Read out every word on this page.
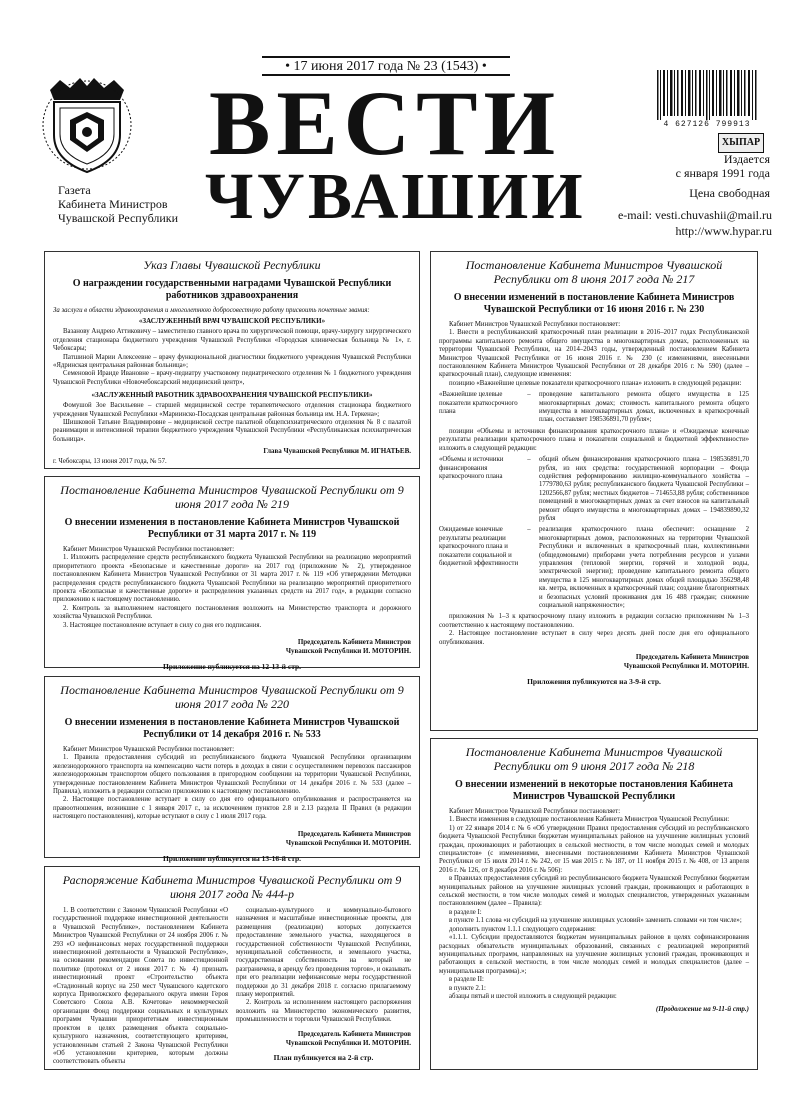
• 17 июня 2017 года № 23 (1543) •
ВЕСТИ
ЧУВАШИИ
Газета
Кабинета Министров
Чувашской Республики
4 627126 799913
ХЫПАР
Издается
с января 1991 года
Цена свободная
e-mail: vesti.chuvashii@mail.ru
http://www.hypar.ru
Указ Главы Чувашской Республики
О награждении государственными наградами Чувашской Республики работников здравоохранения

За заслуги в области здравоохранения и многолетнюю добросовестную работу присвоить почетные звания:

«ЗАСЛУЖЕННЫЙ ВРАЧ ЧУВАШСКОЙ РЕСПУБЛИКИ»

Вазанову Андрею Аттиковичу – заместителю главного врача по хирургической помощи, врачу-хирургу хирургического отделения стационара бюджетного учреждения Чувашской Республики «Городская клиническая больница № 1», г. Чебоксары;

Патшиной Марии Алексеевне – врачу функциональной диагностики бюджетного учреждения Чувашской Республики «Ядринская центральная районная больница»;

Семеновой Ираиде Ивановне – врачу-педиатру участковому педиатрического отделения № 1 бюджетного учреждения Чувашской Республики «Новочебоксарский медицинский центр»,

«ЗАСЛУЖЕННЫЙ РАБОТНИК ЗДРАВООХРАНЕНИЯ ЧУВАШСКОЙ РЕСПУБЛИКИ»

Фомушой Зое Васильевне – старшей медицинской сестре терапевтического отделения стационара бюджетного учреждения Чувашской Республики «Мариинско-Посадская центральная районная больница им. Н.А. Геркена»;

Шишковой Татьяне Владимировне – медицинской сестре палатной общепсихиатрического отделения № 8 с палатой реанимации и интенсивной терапии бюджетного учреждения Чувашской Республики «Республиканская психиатрическая больница».

Глава Чувашской Республики М. ИГНАТЬЕВ.
г. Чебоксары, 13 июня 2017 года, № 57.
Постановление Кабинета Министров Чувашской Республики от 9 июня 2017 года № 219
О внесении изменения в постановление Кабинета Министров Чувашской Республики от 31 марта 2017 г. № 119

Кабинет Министров Чувашской Республики постановляет:

1. Изложить распределение средств республиканского бюджета Чувашской Республики на реализацию мероприятий приоритетного проекта «Безопасные и качественные дороги» на 2017 год (приложение № 2), утвержденное постановлением Кабинета Министров Чувашской Республики от 31 марта 2017 г. № 119 «Об утверждении Методики распределения средств республиканского бюджета Чувашской Республики на реализацию мероприятий приоритетного проекта «Безопасные и качественные дороги» и распределения указанных средств на 2017 год», в редакции согласно приложению к настоящему постановлению.

2. Контроль за выполнением настоящего постановления возложить на Министерство транспорта и дорожного хозяйства Чувашской Республики.

3. Настоящее постановление вступает в силу со дня его подписания.

Председатель Кабинета Министров
Чувашской Республики И. МОТОРИН.
Приложение публикуется на 12-13-й стр.
Постановление Кабинета Министров Чувашской Республики от 9 июня 2017 года № 220
О внесении изменения в постановление Кабинета Министров Чувашской Республики от 14 декабря 2016 г. № 533

Кабинет Министров Чувашской Республики постановляет:

1. Правила предоставления субсидий из республиканского бюджета Чувашской Республики организациям железнодорожного транспорта на компенсацию части потерь в доходах в связи с осуществлением перевозок пассажиров железнодорожным транспортом общего пользования в пригородном сообщении на территории Чувашской Республики, утвержденные постановлением Кабинета Министров Чувашской Республики от 14 декабря 2016 г. № 533 (далее – Правила), изложить в редакции согласно приложению к настоящему постановлению.

2. Настоящее постановление вступает в силу со дня его официального опубликования и распространяется на правоотношения, возникшие с 1 января 2017 г., за исключением пунктов 2.8 и 2.13 раздела II Правил (в редакции настоящего постановления), которые вступают в силу с 1 июля 2017 года.

Председатель Кабинета Министров
Чувашской Республики И. МОТОРИН.
Приложение публикуется на 13-16-й стр.
Распоряжение Кабинета Министров Чувашской Республики от 9 июня 2017 года № 444-р

1. В соответствии с Законом Чувашской Республики «О государственной поддержке инвестиционной деятельности в Чувашской Республике», постановлением Кабинета Министров Чувашской Республики от 24 ноября 2006 г. № 293 «О нефинансовых мерах государственной поддержки инвестиционной деятельности в Чувашской Республике», на основании рекомендации Совета по инвестиционной политике (протокол от 2 июня 2017 г. № 4) признать инвестиционный проект «Строительство объекта «Стадионный корпус на 250 мест Чувашского кадетского корпуса Приволжского федерального округа имени Героя Советского Союза А.В. Кочетова» некоммерческой организации Фонд поддержки социальных и культурных программ Чувашии приоритетным инвестиционным проектом в целях размещения объекта социально-культурного назначения, соответствующего критериям, установленным статьей 2 Закона Чувашской Республики «Об установлении критериев, которым должны соответствовать объекты

социально-культурного и коммунально-бытового назначения и масштабные инвестиционные проекты, для размещения (реализации) которых допускается предоставление земельного участка, находящегося в государственной собственности Чувашской Республики, муниципальной собственности, и земельного участка, государственная собственность на который не разграничена, в аренду без проведения торгов», и оказывать при его реализации нефинансовые меры государственной поддержки до 31 декабря 2018 г. согласно прилагаемому плану мероприятий.

2. Контроль за исполнением настоящего распоряжения возложить на Министерство экономического развития, промышленности и торговли Чувашской Республики.

Председатель Кабинета Министров
Чувашской Республики И. МОТОРИН.
План публикуется на 2-й стр.
Постановление Кабинета Министров Чувашской Республики от 8 июня 2017 года № 217
О внесении изменений в постановление Кабинета Министров Чувашской Республики от 16 июня 2016 г. № 230

Кабинет Министров Чувашской Республики постановляет:

1. Внести в республиканский краткосрочный план реализации в 2016–2017 годах Республиканской программы капитального ремонта общего имущества в многоквартирных домах, расположенных на территории Чувашской Республики, на 2014–2043 годы, утвержденный постановлением Кабинета Министров Чувашской Республики от 16 июня 2016 г. № 230 (с изменениями, внесенными постановлением Кабинета Министров Чувашской Республики от 28 декабря 2016 г. № 590) (далее – краткосрочный план), следующие изменения:

позицию «Важнейшие целевые показатели краткосрочного плана» изложить в следующей редакции:

«Важнейшие целевые показатели краткосрочного плана
–	проведение капитального ремонта общего имущества в 125 многоквартирных домах; стоимость капитального ремонта общего имущества в многоквартирных домах, включенных в краткосрочный план, составляет 198536891,70 рубля»;

позиции «Объемы и источники финансирования краткосрочного плана» и «Ожидаемые конечные результаты реализации краткосрочного плана и показатели социальной и бюджетной эффективности» изложить в следующей редакции:

«Объемы и источники финансирования краткосрочного плана
–	общий объем финансирования краткосрочного плана – 198536891,70 рубля, из них средства: государственной корпорации – Фонда содействия реформированию жилищно-коммунального хозяйства – 1779780,63 рубля; республиканского бюджета Чувашской Республики – 1202566,87 рубля; местных бюджетов – 714653,88 рубля; собственников помещений в многоквартирных домах за счет взносов на капитальный ремонт общего имущества в многоквартирных домах – 194839890,32 рубля
Ожидаемые конечные результаты реализации краткосрочного плана и показатели социальной и бюджетной эффективности
–	реализация краткосрочного плана обеспечит: оснащение 2 многоквартирных домов, расположенных на территории Чувашской Республики и включенных в краткосрочный план, коллективными (общедомовыми) приборами учета потребления ресурсов и узлами управления (тепловой энергии, горячей и холодной воды, электрической энергии); проведение капитального ремонта общего имущества в 125 многоквартирных домах общей площадью 356298,48 кв. метра, включенных в краткосрочный план; создание благоприятных и безопасных условий проживания для 16 488 граждан; снижение социальной напряженности»;

приложения № 1–3 к краткосрочному плану изложить в редакции согласно приложениям № 1–3 соответственно к настоящему постановлению.

2. Настоящее постановление вступает в силу через десять дней после дня его официального опубликования.

Председатель Кабинета Министров
Чувашской Республики И. МОТОРИН.
Приложения публикуются на 3-9-й стр.
Постановление Кабинета Министров Чувашской Республики от 9 июня 2017 года № 218
О внесении изменений в некоторые постановления Кабинета Министров Чувашской Республики

Кабинет Министров Чувашской Республики постановляет:

1. Внести изменения в следующие постановления Кабинета Министров Чувашской Республики:

1) от 22 января 2014 г. № 6 «Об утверждении Правил предоставления субсидий из республиканского бюджета Чувашской Республики бюджетам муниципальных районов на улучшение жилищных условий граждан, проживающих и работающих в сельской местности, в том числе молодых семей и молодых специалистов» (с изменениями, внесенными постановлениями Кабинета Министров Чувашской Республики от 15 июля 2014 г. № 242, от 15 мая 2015 г. № 187, от 11 ноября 2015 г. № 408, от 13 апреля 2016 г. № 126, от 8 декабря 2016 г. № 506):

в Правилах предоставления субсидий из республиканского бюджета Чувашской Республики бюджетам муниципальных районов на улучшение жилищных условий граждан, проживающих и работающих в сельской местности, в том числе молодых семей и молодых специалистов, утвержденных указанным постановлением (далее – Правила):

в разделе I:

в пункте 1.1 слова «и субсидий на улучшение жилищных условий» заменить словами «и том числе»;

дополнить пунктом 1.1.1 следующего содержания:

«1.1.1. Субсидии предоставляются бюджетам муниципальных районов в целях софинансирования расходных обязательств муниципальных образований, связанных с реализацией мероприятий муниципальных программ, направленных на улучшение жилищных условий граждан, проживающих и работающих в сельской местности, в том числе молодых семей и молодых специалистов (далее – муниципальная программа).»;

в разделе II:

в пункте 2.1:

абзацы пятый и шестой изложить в следующей редакции:

(Продолжение на 9-11-й стр.)
